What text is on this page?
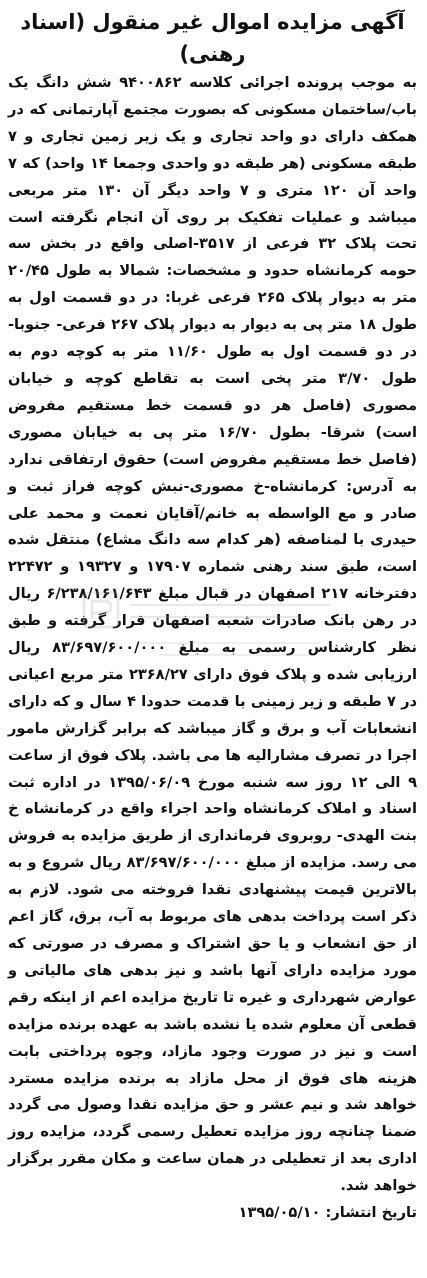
آگهی مزایده اموال غیر منقول (اسناد رهنی)

به موجب پرونده اجرائی کلاسه ۹۴۰۰۸۶۲ شش دانگ یک باب/ساختمان مسکونی که بصورت مجتمع آپارتمانی که در همکف دارای دو واحد تجاری و یک زیر زمین تجاری و ۷ طبقه مسکونی (هر طبقه دو واحدی وجمعا ۱۴ واحد) که ۷ واحد آن ۱۲۰ متری و ۷ واحد دیگر آن ۱۳۰ متر مربعی میباشد و عملیات تفکیک بر روی آن انجام نگرفته است تحت پلاک ۳۲ فرعی از ۳۵۱۷-اصلی واقع در بخش سه حومه کرمانشاه حدود و مشخصات: شمالا به طول ۲۰/۴۵ متر به دیوار پلاک ۲۶۵ فرعی غربا: در دو قسمت اول به طول ۱۸ متر پی به دیوار به دیوار پلاک ۲۶۷ فرعی- جنوبا- در دو قسمت اول به طول ۱۱/۶۰ متر به کوچه دوم به طول ۳/۷۰ متر پخی است به تقاطع کوچه و خیابان مصوری (فاصل هر دو قسمت خط مستقیم مفروض است) شرقا- بطول ۱۶/۷۰ متر پی به خیابان مصوری (فاصل خط مستقیم مفروض است) حقوق ارتفاقی ندارد به آدرس: کرمانشاه-خ مصوری-نبش کوچه فراز ثبت و صادر و مع الواسطه به خانم/آقایان نعمت و محمد علی حیدری با لمناصفه (هر کدام سه دانگ مشاع) منتقل شده است، طبق سند رهنی شماره ۱۷۹۰۷ و ۱۹۳۲۷ و ۲۲۴۷۲ دفترخانه ۲۱۷ اصفهان در قبال مبلغ ۶/۲۳۸/۱۶۱/۶۴۳ ریال در رهن بانک صادرات شعبه اصفهان قرار گرفته و طبق نظر کارشناس رسمی به مبلغ ۸۳/۶۹۷/۶۰۰/۰۰۰ ریال ارزیابی شده و پلاک فوق دارای ۲۳۶۸/۲۷ متر مربع اعیانی در ۷ طبقه و زیر زمینی با قدمت حدودا ۴ سال و که دارای انشعابات آب و برق و گاز میباشد که برابر گزارش مامور اجرا در تصرف مشارالیه ها می باشد. پلاک فوق از ساعت ۹ الی ۱۲ روز سه شنبه مورخ ۱۳۹۵/۰۶/۰۹ در اداره ثبت اسناد و املاک کرمانشاه واحد اجراء واقع در کرمانشاه خ بنت الهدی- روبروی فرمانداری از طریق مزایده به فروش می رسد. مزایده از مبلغ ۸۳/۶۹۷/۶۰۰/۰۰۰ ریال شروع و به بالاترین قیمت پیشنهادی نقدا فروخته می شود. لازم به ذکر است پرداخت بدهی های مربوط به آب، برق، گاز اعم از حق انشعاب و یا حق اشتراک و مصرف در صورتی که مورد مزایده دارای آنها باشد و نیز بدهی های مالیاتی و عوارض شهرداری و غیره تا تاریخ مزایده اعم از اینکه رقم قطعی آن معلوم شده یا نشده باشد به عهده برنده مزایده است و نیز در صورت وجود مازاد، وجوه پرداختی بابت هزینه های فوق از محل مازاد به برنده مزایده مسترد خواهد شد و نیم عشر و حق مزایده نقدا وصول می گردد ضمنا چنانچه روز مزایده تعطیل رسمی گردد، مزایده روز اداری بعد از تعطیلی در همان ساعت و مکان مقرر برگزار خواهد شد.

تاریخ انتشار: ۱۳۹۵/۰۵/۱۰
